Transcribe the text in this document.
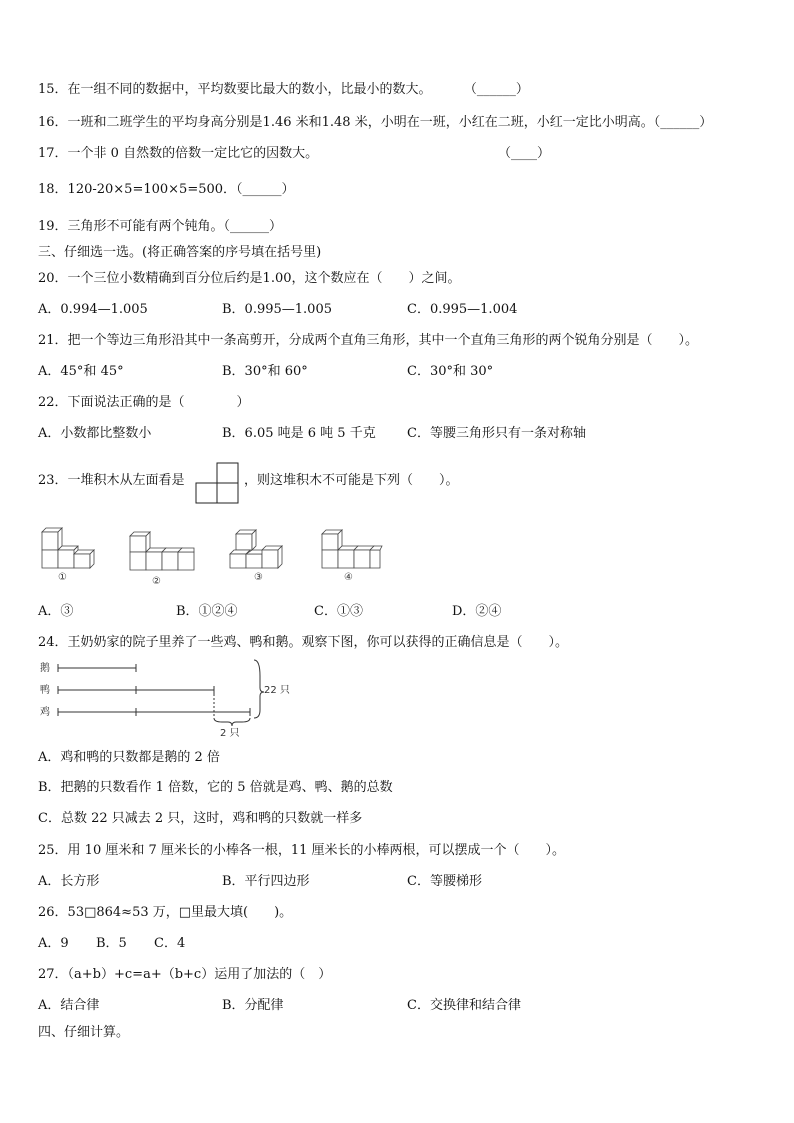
15．在一组不同的数据中，平均数要比最大的数小，比最小的数大。 （______）
16．一班和二班学生的平均身高分别是1.46 米和1.48 米，小明在一班，小红在二班，小红一定比小明高。（______）
17．一个非 0 自然数的倍数一定比它的因数大。	（____）
18．120-20×5=100×5=500．（______）
19．三角形不可能有两个钝角。（______）
三、仔细选一选。(将正确答案的序号填在括号里)
20．一个三位小数精确到百分位后约是1.00，这个数应在（　　）之间。
A．0.994—1.005	B．0.995—1.005	C．0.995—1.004
21．把一个等边三角形沿其中一条高剪开，分成两个直角三角形，其中一个直角三角形的两个锐角分别是（　　）。
A．45°和 45°	B．30°和 60°	C．30°和 30°
22．下面说法正确的是（　　　　）
A．小数都比整数小	B．6.05 吨是 6 吨 5 千克 C．等腰三角形只有一条对称轴
23．一堆积木从左面看是	，则这堆积木不可能是下列（　　）。
①	②	③	④
A．③	B．①②④	C．①③	D．②④
24．王奶奶家的院子里养了一些鸡、鸭和鹅。观察下图，你可以获得的正确信息是（　　）。
鹅
鸭
鸡
22 只
2 只
A．鸡和鸭的只数都是鹅的 2 倍
B．把鹅的只数看作 1 倍数，它的 5 倍就是鸡、鸭、鹅的总数
C．总数 22 只减去 2 只，这时，鸡和鸭的只数就一样多
25．用 10 厘米和 7 厘米长的小棒各一根，11 厘米长的小棒两根，可以摆成一个（　　）。
A．长方形	B．平行四边形	C．等腰梯形
26．53□864≈53 万，□里最大填(　　)。
A．9 B．5 C．4
27．（a+b）+c=a+（b+c）运用了加法的（　）
A．结合律	B．分配律	C．交换律和结合律
四、仔细计算。
